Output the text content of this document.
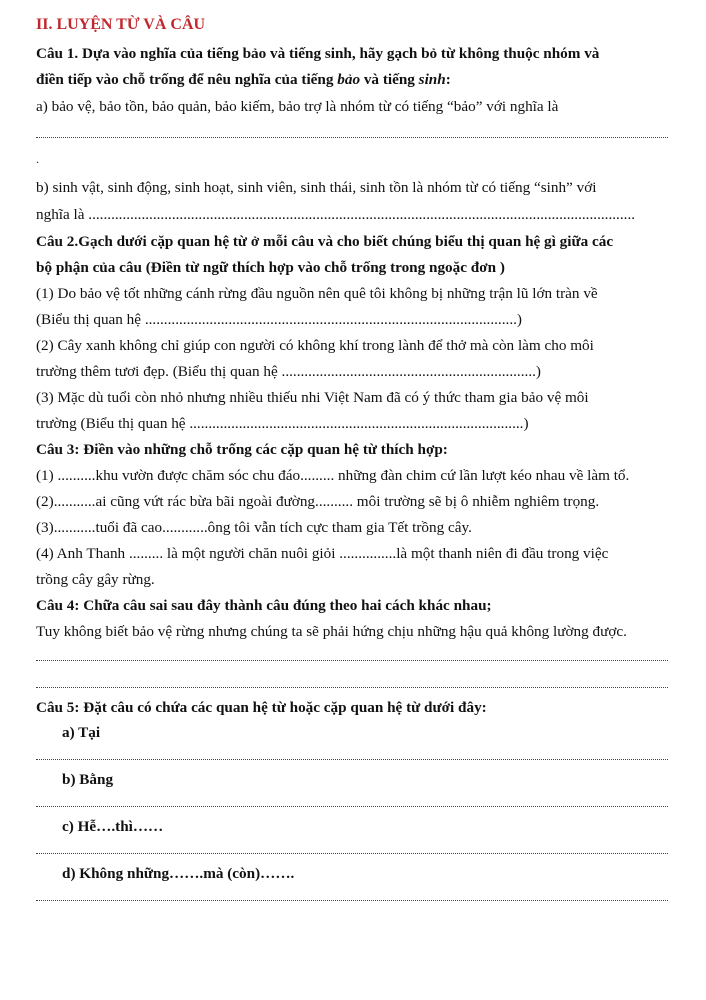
II. LUYỆN TỪ VÀ CÂU
Câu 1. Dựa vào nghĩa của tiếng bảo và tiếng sinh, hãy gạch bỏ từ không thuộc nhóm và
điền tiếp vào chỗ trống để nêu nghĩa của tiếng bảo và tiếng sinh:
a) bảo vệ, bảo tồn, bảo quản, bảo kiếm, bảo trợ là nhóm từ có tiếng “bảo” với nghĩa là
.
b) sinh vật, sinh động, sinh hoạt, sinh viên, sinh thái, sinh tồn là nhóm từ có tiếng “sinh” với
nghĩa là ................................................................................................................................................
Câu 2.Gạch dưới cặp quan hệ từ ở mỗi câu và cho biết chúng biểu thị quan hệ gì giữa các
bộ phận của câu (Điền từ ngữ thích hợp vào chỗ trống trong ngoặc đơn )
(1) Do bảo vệ tốt những cánh rừng đầu nguồn nên quê tôi không bị những trận lũ lớn tràn về
(Biểu thị quan hệ ..................................................................................................)
(2) Cây xanh không chỉ giúp con người có không khí trong lành để thở mà còn làm cho môi
trường thêm tươi đẹp. (Biểu thị quan hệ ...................................................................)
(3) Mặc dù tuổi còn nhỏ nhưng nhiều thiếu nhi Việt Nam đã có ý thức tham gia bảo vệ môi
trường (Biểu thị quan hệ ........................................................................................)
Câu 3: Điền vào những chỗ trống các cặp quan hệ từ thích hợp:
(1) ..........khu vườn được chăm sóc chu đáo......... những đàn chim cứ lần lượt kéo nhau về làm tổ.
(2)...........ai cũng vứt rác bừa bãi ngoài đường.......... môi trường sẽ bị ô nhiễm nghiêm trọng.
(3)...........tuổi đã cao............ông tôi vẫn tích cực tham gia Tết trồng cây.
(4) Anh Thanh ......... là một người chăn nuôi giỏi ...............là một thanh niên đi đầu trong việc
trồng cây gây rừng.
Câu 4: Chữa câu sai sau đây thành câu đúng theo hai cách khác nhau;
Tuy không biết bảo vệ rừng nhưng chúng ta sẽ phải hứng chịu những hậu quả không lường được.
Câu 5: Đặt câu có chứa các quan hệ từ hoặc cặp quan hệ từ dưới đây:
a) Tại
b) Bằng
c) Hễ….thì……
d) Không những…….mà (còn)…….
